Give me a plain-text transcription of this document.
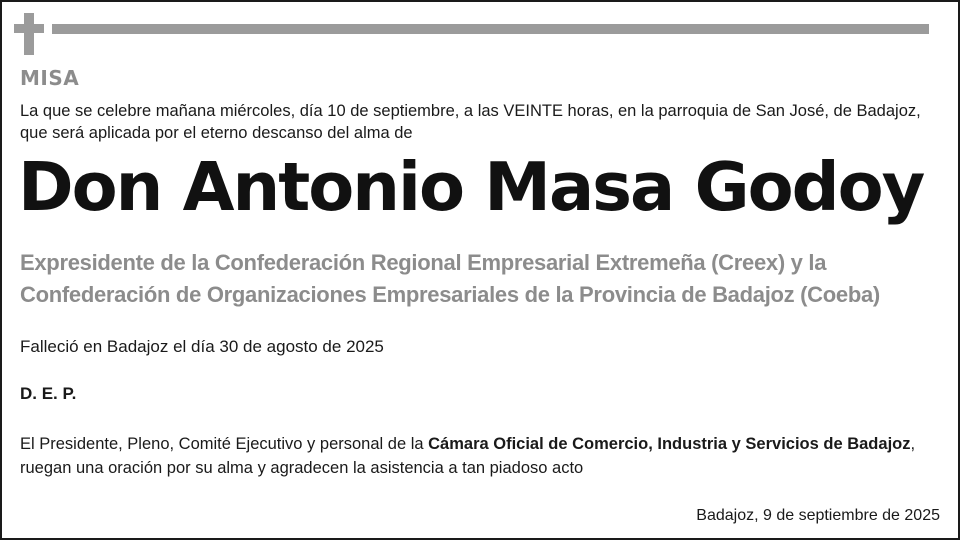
MISA
La que se celebre mañana miércoles, día 10 de septiembre, a las VEINTE horas, en la parroquia de San José, de Badajoz, que será aplicada por el eterno descanso del alma de
Don Antonio Masa Godoy
Expresidente de la Confederación Regional Empresarial Extremeña (Creex) y la Confederación de Organizaciones Empresariales de la Provincia de Badajoz (Coeba)
Falleció en Badajoz el día 30 de agosto de 2025
D. E. P.
El Presidente, Pleno, Comité Ejecutivo y personal de la Cámara Oficial de Comercio, Industria y Servicios de Badajoz, ruegan una oración por su alma y agradecen la asistencia a tan piadoso acto
Badajoz, 9 de septiembre de 2025
